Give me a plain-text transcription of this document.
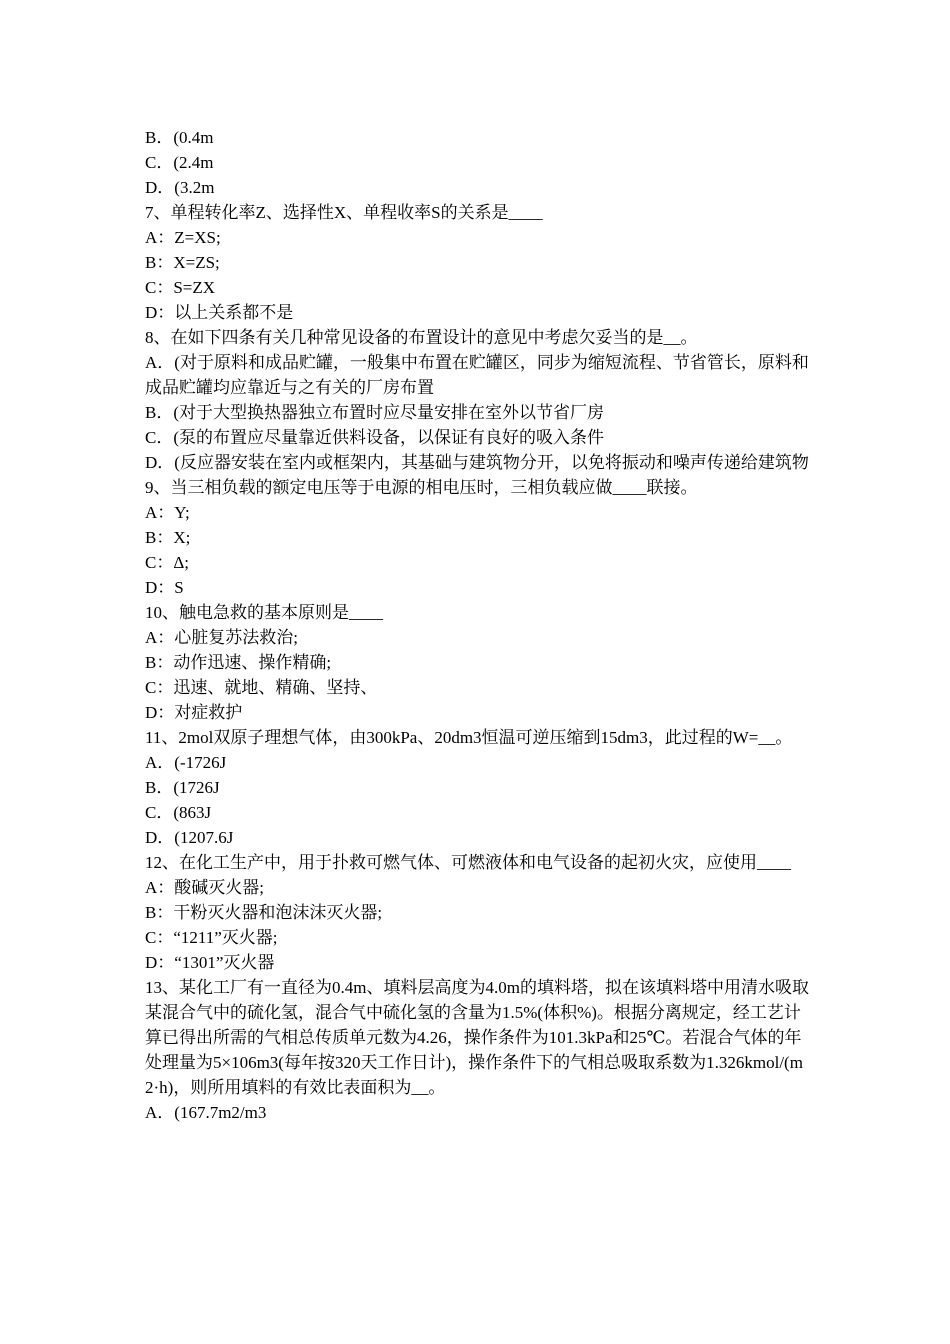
B．(0.4m

C．(2.4m

D．(3.2m

7、单程转化率Z、选择性X、单程收率S的关系是____

A：Z=XS;

B：X=ZS;

C：S=ZX

D：以上关系都不是

8、在如下四条有关几种常见设备的布置设计的意见中考虑欠妥当的是__。

A．(对于原料和成品贮罐，一般集中布置在贮罐区，同步为缩短流程、节省管长，原料和成品贮罐均应靠近与之有关的厂房布置

B．(对于大型换热器独立布置时应尽量安排在室外以节省厂房

C．(泵的布置应尽量靠近供料设备，以保证有良好的吸入条件

D．(反应器安装在室内或框架内，其基础与建筑物分开，以免将振动和噪声传递给建筑物

9、当三相负载的额定电压等于电源的相电压时，三相负载应做____联接。

A：Y;

B：X;

C：Δ;

D：S

10、触电急救的基本原则是____

A：心脏复苏法救治;

B：动作迅速、操作精确;

C：迅速、就地、精确、坚持、

D：对症救护

11、2mol双原子理想气体，由300kPa、20dm3恒温可逆压缩到15dm3，此过程的W=__。

A．(-1726J

B．(1726J

C．(863J

D．(1207.6J

12、在化工生产中，用于扑救可燃气体、可燃液体和电气设备的起初火灾，应使用____

A：酸碱灭火器;

B：干粉灭火器和泡沫沫灭火器;

C：“1211”灭火器;

D：“1301”灭火器

13、某化工厂有一直径为0.4m、填料层高度为4.0m的填料塔，拟在该填料塔中用清水吸取某混合气中的硫化氢，混合气中硫化氢的含量为1.5%(体积%)。根据分离规定，经工艺计算已得出所需的气相总传质单元数为4.26，操作条件为101.3kPa和25℃。若混合气体的年处理量为5×106m3(每年按320天工作日计)，操作条件下的气相总吸取系数为1.326kmol/(m2·h)，则所用填料的有效比表面积为__。

A．(167.7m2/m3
